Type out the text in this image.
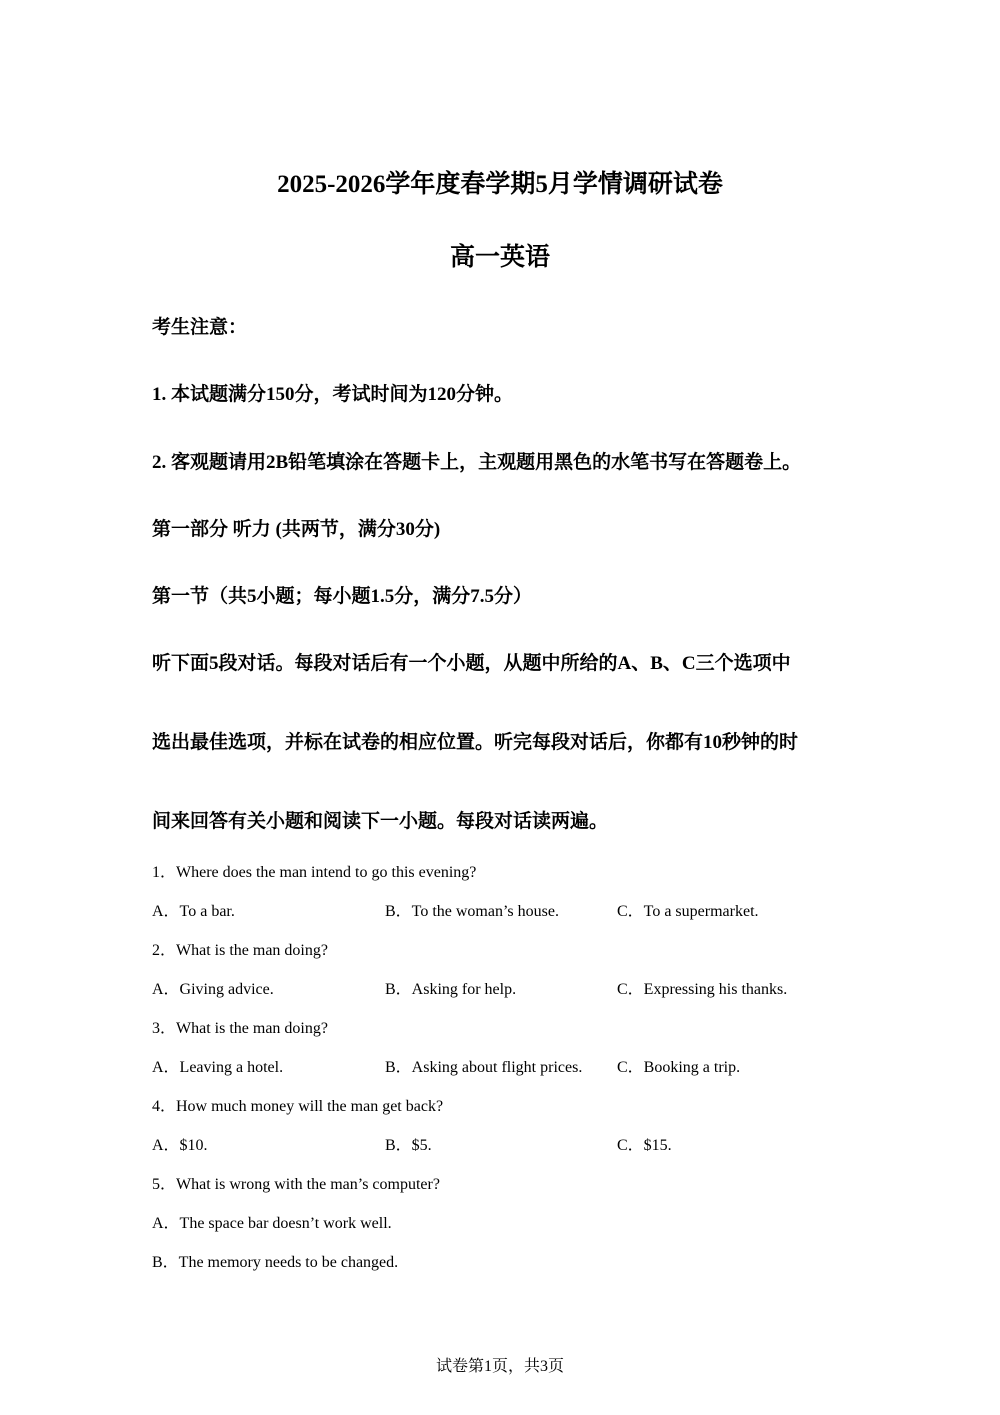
2025-2026学年度春学期5月学情调研试卷
高一英语
考生注意：
1. 本试题满分150分，考试时间为120分钟。
2. 客观题请用2B铅笔填涂在答题卡上，主观题用黑色的水笔书写在答题卷上。
第一部分 听力 (共两节，满分30分)
第一节（共5小题；每小题1.5分，满分7.5分）
听下面5段对话。每段对话后有一个小题，从题中所给的A、B、C三个选项中
选出最佳选项，并标在试卷的相应位置。听完每段对话后，你都有10秒钟的时
间来回答有关小题和阅读下一小题。每段对话读两遍。
1．Where does the man intend to go this evening?
A．To a bar.	B．To the woman’s house.	C．To a supermarket.
2．What is the man doing?
A．Giving advice.	B．Asking for help.	C．Expressing his thanks.
3．What is the man doing?
A．Leaving a hotel.	B．Asking about flight prices. C．Booking a trip.
4．How much money will the man get back?
A．$10.	B．$5.	C．$15.
5．What is wrong with the man’s computer?
A．The space bar doesn’t work well.
B．The memory needs to be changed.
试卷第1页，共3页
